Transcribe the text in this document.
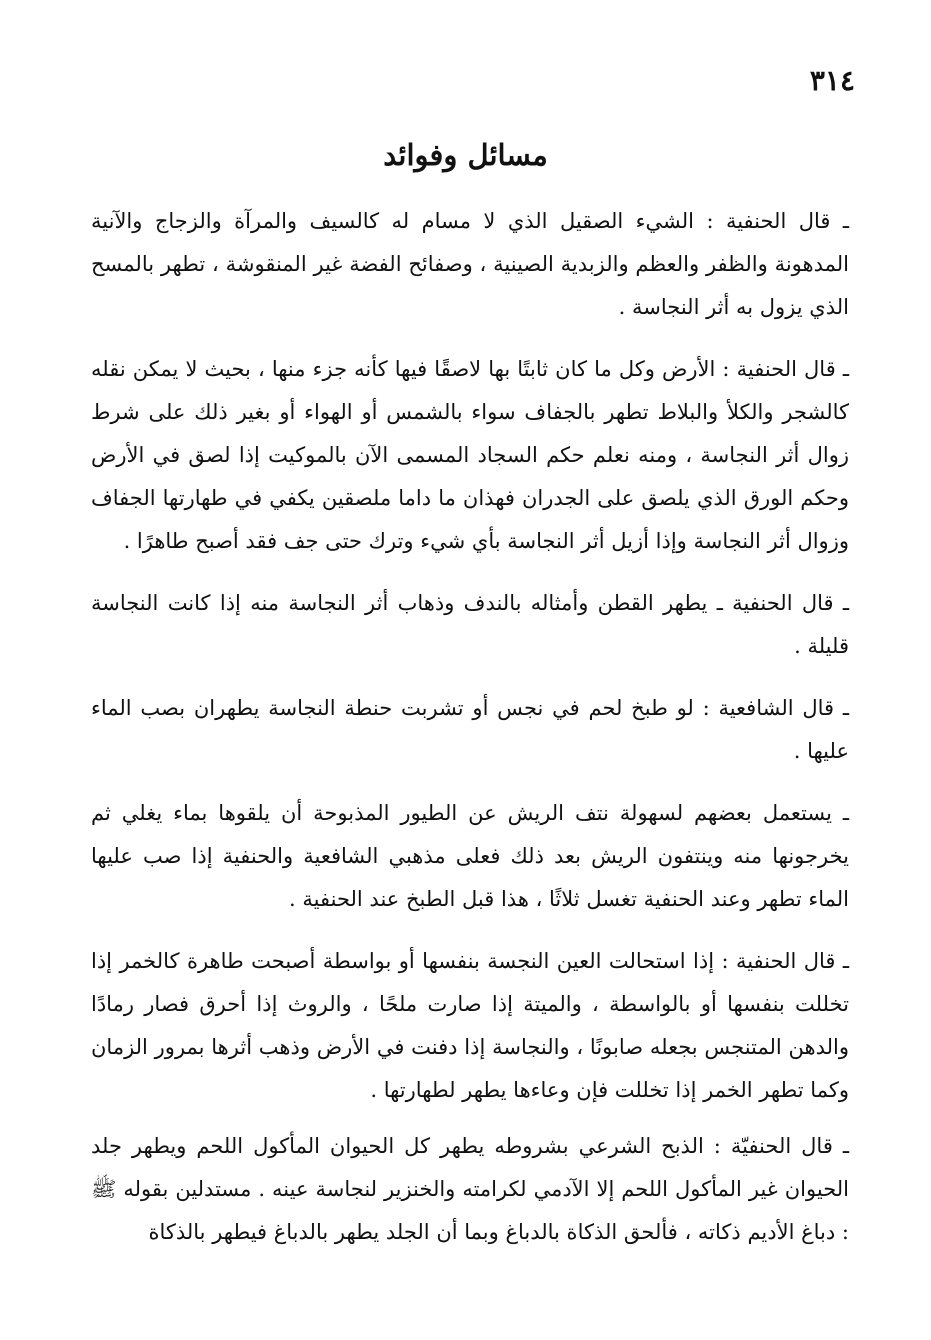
٣١٤
مسائل وفوائد

ـ قال الحنفية : الشيء الصقيل الذي لا مسام له كالسيف والمرآة والزجاج والآنية المدهونة والظفر والعظم والزبدية الصينية ، وصفائح الفضة غير المنقوشة ، تطهر بالمسح الذي يزول به أثر النجاسة .

ـ قال الحنفية : الأرض وكل ما كان ثابتًا بها لاصقًا فيها كأنه جزء منها ، بحيث لا يمكن نقله كالشجر والكلأ والبلاط تطهر بالجفاف سواء بالشمس أو الهواء أو بغير ذلك على شرط زوال أثر النجاسة ، ومنه نعلم حكم السجاد المسمى الآن بالموكيت إذا لصق في الأرض وحكم الورق الذي يلصق على الجدران فهذان ما داما ملصقين يكفي في طهارتها الجفاف وزوال أثر النجاسة وإذا أزيل أثر النجاسة بأي شيء وترك حتى جف فقد أصبح طاهرًا .

ـ قال الحنفية ـ يطهر القطن وأمثاله بالندف وذهاب أثر النجاسة منه إذا كانت النجاسة قليلة .

ـ قال الشافعية : لو طبخ لحم في نجس أو تشربت حنطة النجاسة يطهران بصب الماء عليها .

ـ يستعمل بعضهم لسهولة نتف الريش عن الطيور المذبوحة أن يلقوها بماء يغلي ثم يخرجونها منه وينتفون الريش بعد ذلك فعلى مذهبي الشافعية والحنفية إذا صب عليها الماء تطهر وعند الحنفية تغسل ثلاثًا ، هذا قبل الطبخ عند الحنفية .

ـ قال الحنفية : إذا استحالت العين النجسة بنفسها أو بواسطة أصبحت طاهرة كالخمر إذا تخللت بنفسها أو بالواسطة ، والميتة إذا صارت ملحًا ، والروث إذا أحرق فصار رمادًا والدهن المتنجس بجعله صابونًا ، والنجاسة إذا دفنت في الأرض وذهب أثرها بمرور الزمان وكما تطهر الخمر إذا تخللت فإن وعاءها يطهر لطهارتها .

ـ قال الحنفيّة : الذبح الشرعي بشروطه يطهر كل الحيوان المأكول اللحم ويطهر جلد الحيوان غير المأكول اللحم إلا الآدمي لكرامته والخنزير لنجاسة عينه . مستدلين بقوله ﷺ : دباغ الأديم ذكاته ، فألحق الذكاة بالدباغ وبما أن الجلد يطهر بالدباغ فيطهر بالذكاة
